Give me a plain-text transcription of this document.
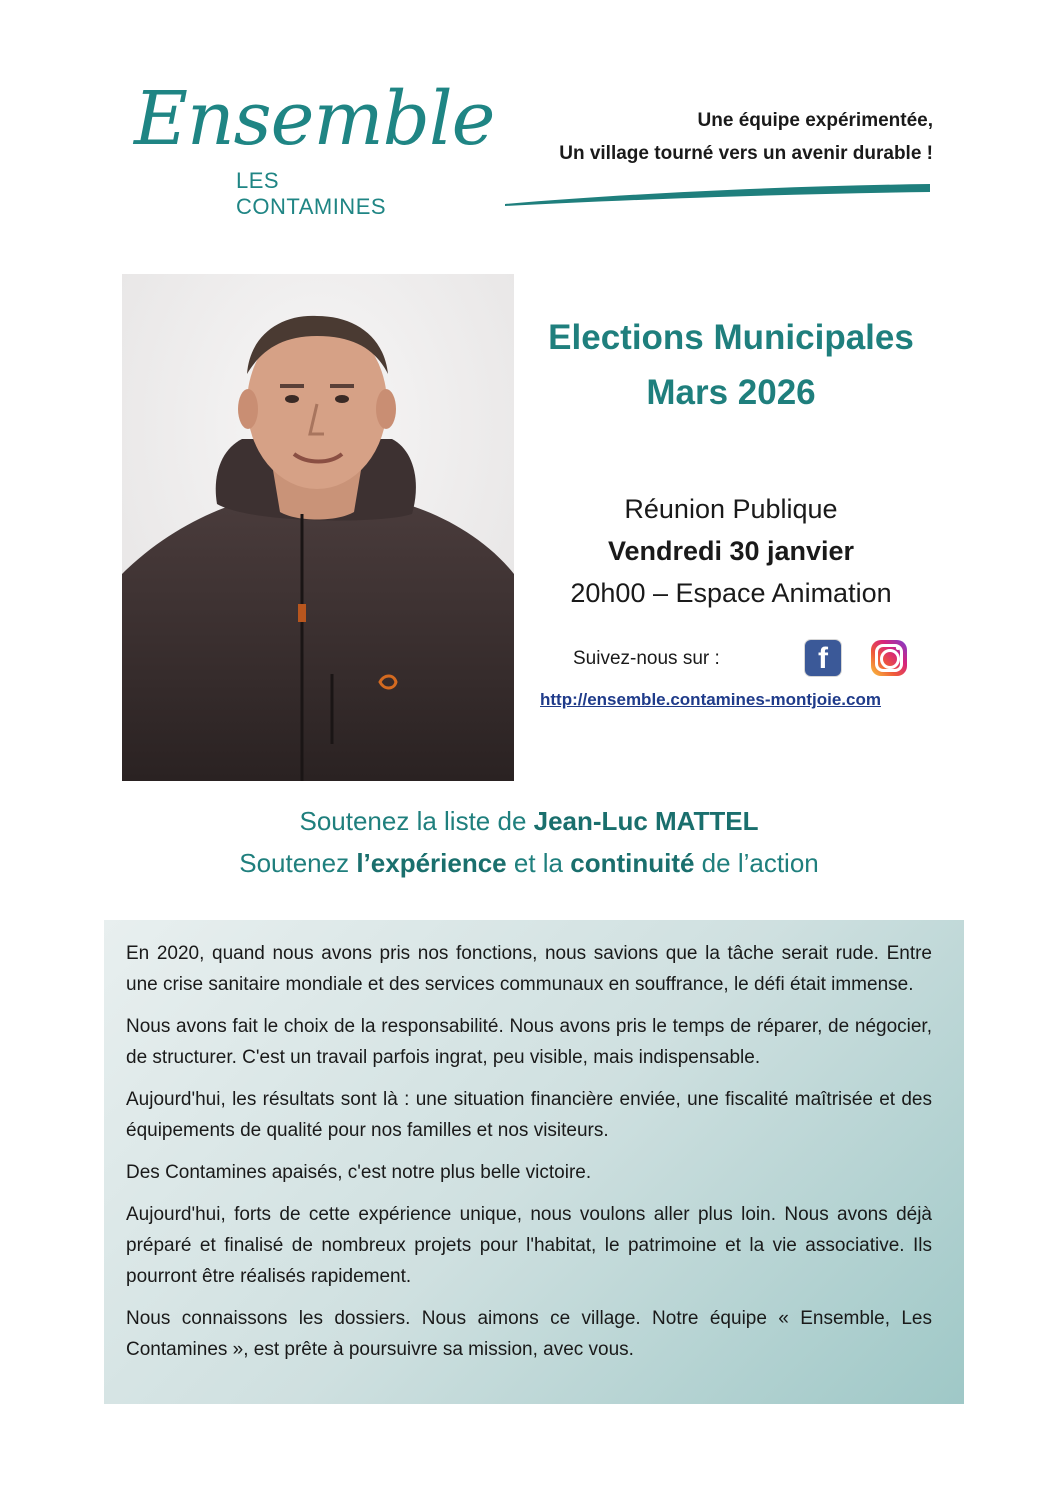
Ensemble
LES CONTAMINES
Une équipe expérimentée,
Un village tourné vers un avenir durable !
Elections Municipales
Mars 2026
Réunion Publique
Vendredi 30 janvier
20h00 – Espace Animation
Suivez-nous sur :	f
http://ensemble.contamines-montjoie.com
Soutenez la liste de Jean-Luc MATTEL
Soutenez l’expérience et la continuité de l’action

En 2020, quand nous avons pris nos fonctions, nous savions que la tâche serait rude. Entre une crise sanitaire mondiale et des services communaux en souffrance, le défi était immense.

Nous avons fait le choix de la responsabilité. Nous avons pris le temps de réparer, de négocier, de structurer. C'est un travail parfois ingrat, peu visible, mais indispensable.

Aujourd'hui, les résultats sont là : une situation financière enviée, une fiscalité maîtrisée et des équipements de qualité pour nos familles et nos visiteurs.

Des Contamines apaisés, c'est notre plus belle victoire.

Aujourd'hui, forts de cette expérience unique, nous voulons aller plus loin. Nous avons déjà préparé et finalisé de nombreux projets pour l'habitat, le patrimoine et la vie associative. Ils pourront être réalisés rapidement.

Nous connaissons les dossiers. Nous aimons ce village. Notre équipe « Ensemble, Les Contamines », est prête à poursuivre sa mission, avec vous.
